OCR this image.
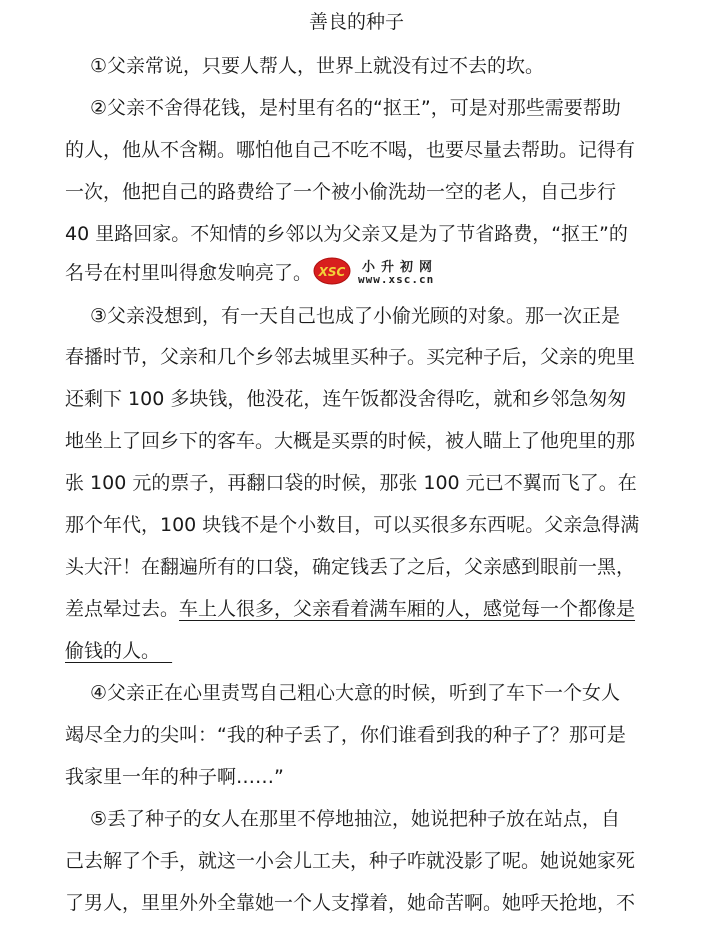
善良的种子
①父亲常说，只要人帮人，世界上就没有过不去的坎。
②父亲不舍得花钱，是村里有名的“抠王”，可是对那些需要帮助
的人，他从不含糊。哪怕他自己不吃不喝，也要尽量去帮助。记得有
一次，他把自己的路费给了一个被小偷洗劫一空的老人，自己步行
40 里路回家。不知情的乡邻以为父亲又是为了节省路费，“抠王”的
名号在村里叫得愈发响亮了。 XSC 小升初网
www.xsc.cn
③父亲没想到，有一天自己也成了小偷光顾的对象。那一次正是
春播时节，父亲和几个乡邻去城里买种子。买完种子后，父亲的兜里
还剩下 100 多块钱，他没花，连午饭都没舍得吃，就和乡邻急匆匆
地坐上了回乡下的客车。大概是买票的时候，被人瞄上了他兜里的那
张 100 元的票子，再翻口袋的时候，那张 100 元已不翼而飞了。在
那个年代，100 块钱不是个小数目，可以买很多东西呢。父亲急得满
头大汗！在翻遍所有的口袋，确定钱丢了之后，父亲感到眼前一黑，
差点晕过去。车上人很多，父亲看着满车厢的人，感觉每一个都像是
偷钱的人。
④父亲正在心里责骂自己粗心大意的时候，听到了车下一个女人
竭尽全力的尖叫：“我的种子丢了，你们谁看到我的种子了？那可是
我家里一年的种子啊……”
⑤丢了种子的女人在那里不停地抽泣，她说把种子放在站点，自
己去解了个手，就这一小会儿工夫，种子咋就没影了呢。她说她家死
了男人，里里外外全靠她一个人支撑着，她命苦啊。她呼天抢地，不
